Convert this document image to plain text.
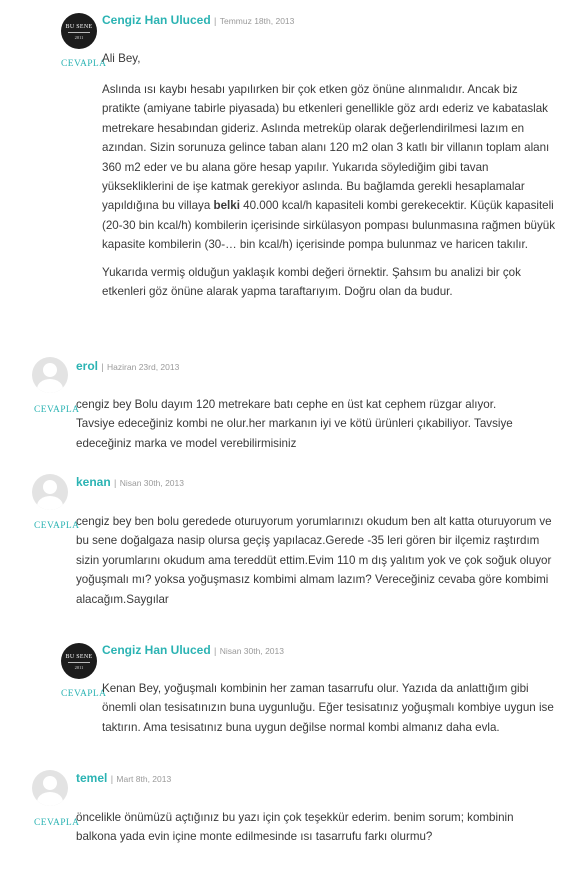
BU SENE
2011
Cengiz Han Uluced | Temmuz 18th, 2013
CEVAPLA
Ali Bey,

Aslında ısı kaybı hesabı yapılırken bir çok etken göz önüne alınmalıdır. Ancak biz pratikte (amiyane tabirle piyasada) bu etkenleri genellikle göz ardı ederiz ve kabataslak metrekare hesabından gideriz. Aslında metreküp olarak değerlendirilmesi lazım en azından. Sizin sorunuza gelince taban alanı 120 m2 olan 3 katlı bir villanın toplam alanı 360 m2 eder ve bu alana göre hesap yapılır. Yukarıda söylediğim gibi tavan yüksekliklerini de işe katmak gerekiyor aslında. Bu bağlamda gerekli hesaplamalar yapıldığına bu villaya belki 40.000 kcal/h kapasiteli kombi gerekecektir. Küçük kapasiteli (20-30 bin kcal/h) kombilerin içerisinde sirkülasyon pompası bulunmasına rağmen büyük kapasite kombilerin (30-… bin kcal/h) içerisinde pompa bulunmaz ve haricen takılır.

Yukarıda vermiş olduğun yaklaşık kombi değeri örnektir. Şahsım bu analizi bir çok etkenleri göz önüne alarak yapma taraftarıyım. Doğru olan da budur.

erol | Haziran 23rd, 2013
CEVAPLA

cengiz bey Bolu dayım 120 metrekare batı cephe en üst kat cephem rüzgar alıyor. Tavsiye edeceğiniz kombi ne olur.her markanın iyi ve kötü ürünleri çıkabiliyor. Tavsiye edeceğiniz marka ve model verebilirmisiniz

kenan | Nisan 30th, 2013
CEVAPLA

cengiz bey ben bolu geredede oturuyorum yorumlarınızı okudum ben alt katta oturuyorum ve bu sene doğalgaza nasip olursa geçiş yapılacaz.Gerede -35 leri gören bir ilçemiz raştırdım sizin yorumlarını okudum ama tereddüt ettim.Evim 110 m dış yalıtım yok ve çok soğuk oluyor yoğuşmalı mı? yoksa yoğuşmasız kombimi almam lazım? Vereceğiniz cevaba göre kombimi alacağım.Saygılar

BU SENE
2011
Cengiz Han Uluced | Nisan 30th, 2013
CEVAPLA

Kenan Bey, yoğuşmalı kombinin her zaman tasarrufu olur. Yazıda da anlattığım gibi önemli olan tesisatınızın buna uygunluğu. Eğer tesisatınız yoğuşmalı kombiye uygun ise taktırın. Ama tesisatınız buna uygun değilse normal kombi almanız daha evla.

temel | Mart 8th, 2013
CEVAPLA

öncelikle önümüzü açtığınız bu yazı için çok teşekkür ederim. benim sorum; kombinin balkona yada evin içine monte edilmesinde ısı tasarrufu farkı olurmu?
